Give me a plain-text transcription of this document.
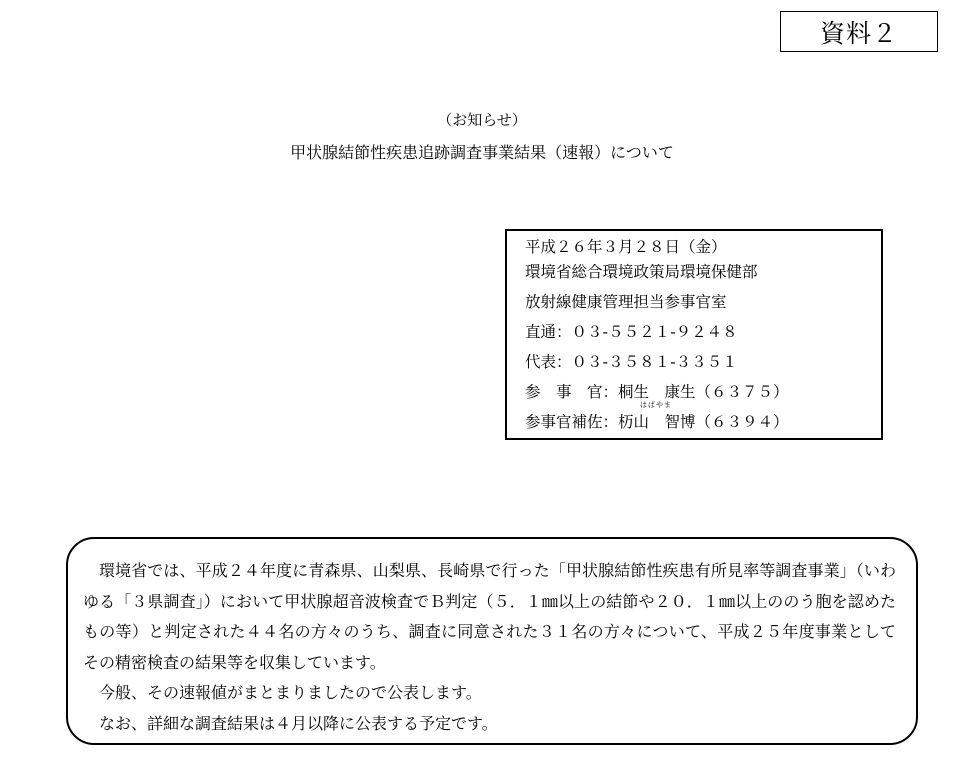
資料２
（お知らせ）
甲状腺結節性疾患追跡調査事業結果（速報）について
平成２６年３月２８日（金）
環境省総合環境政策局環境保健部
放射線健康管理担当参事官室
直通：０３-５５２１-９２４８
代表：０３-３５８１-３３５１
参　事　官：桐生　康生（６３７５）
はばやま
参事官補佐：杤山　智博（６３９４）

環境省では、平成２４年度に青森県、山梨県、長崎県で行った「甲状腺結節性疾患有所見率等調査事業」（いわゆる「３県調査」）において甲状腺超音波検査でＢ判定（５．１㎜以上の結節や２０．１㎜以上ののう胞を認めたもの等）と判定された４４名の方々のうち、調査に同意された３１名の方々について、平成２５年度事業としてその精密検査の結果等を収集しています。

今般、その速報値がまとまりましたので公表します。

なお、詳細な調査結果は４月以降に公表する予定です。
